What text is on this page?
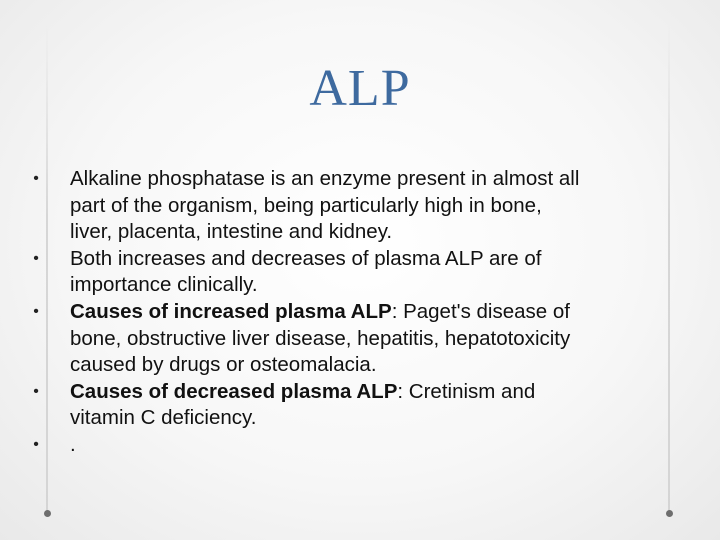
ALP
• Alkaline phosphatase is an enzyme present in almost all
part of the organism, being particularly high in bone,
liver, placenta, intestine and kidney.
• Both increases and decreases of plasma ALP are of
importance clinically.
• Causes of increased plasma ALP: Paget's disease of
bone, obstructive liver disease, hepatitis, hepatotoxicity
caused by drugs or osteomalacia.
• Causes of decreased plasma ALP: Cretinism and
vitamin C deficiency.
• .
